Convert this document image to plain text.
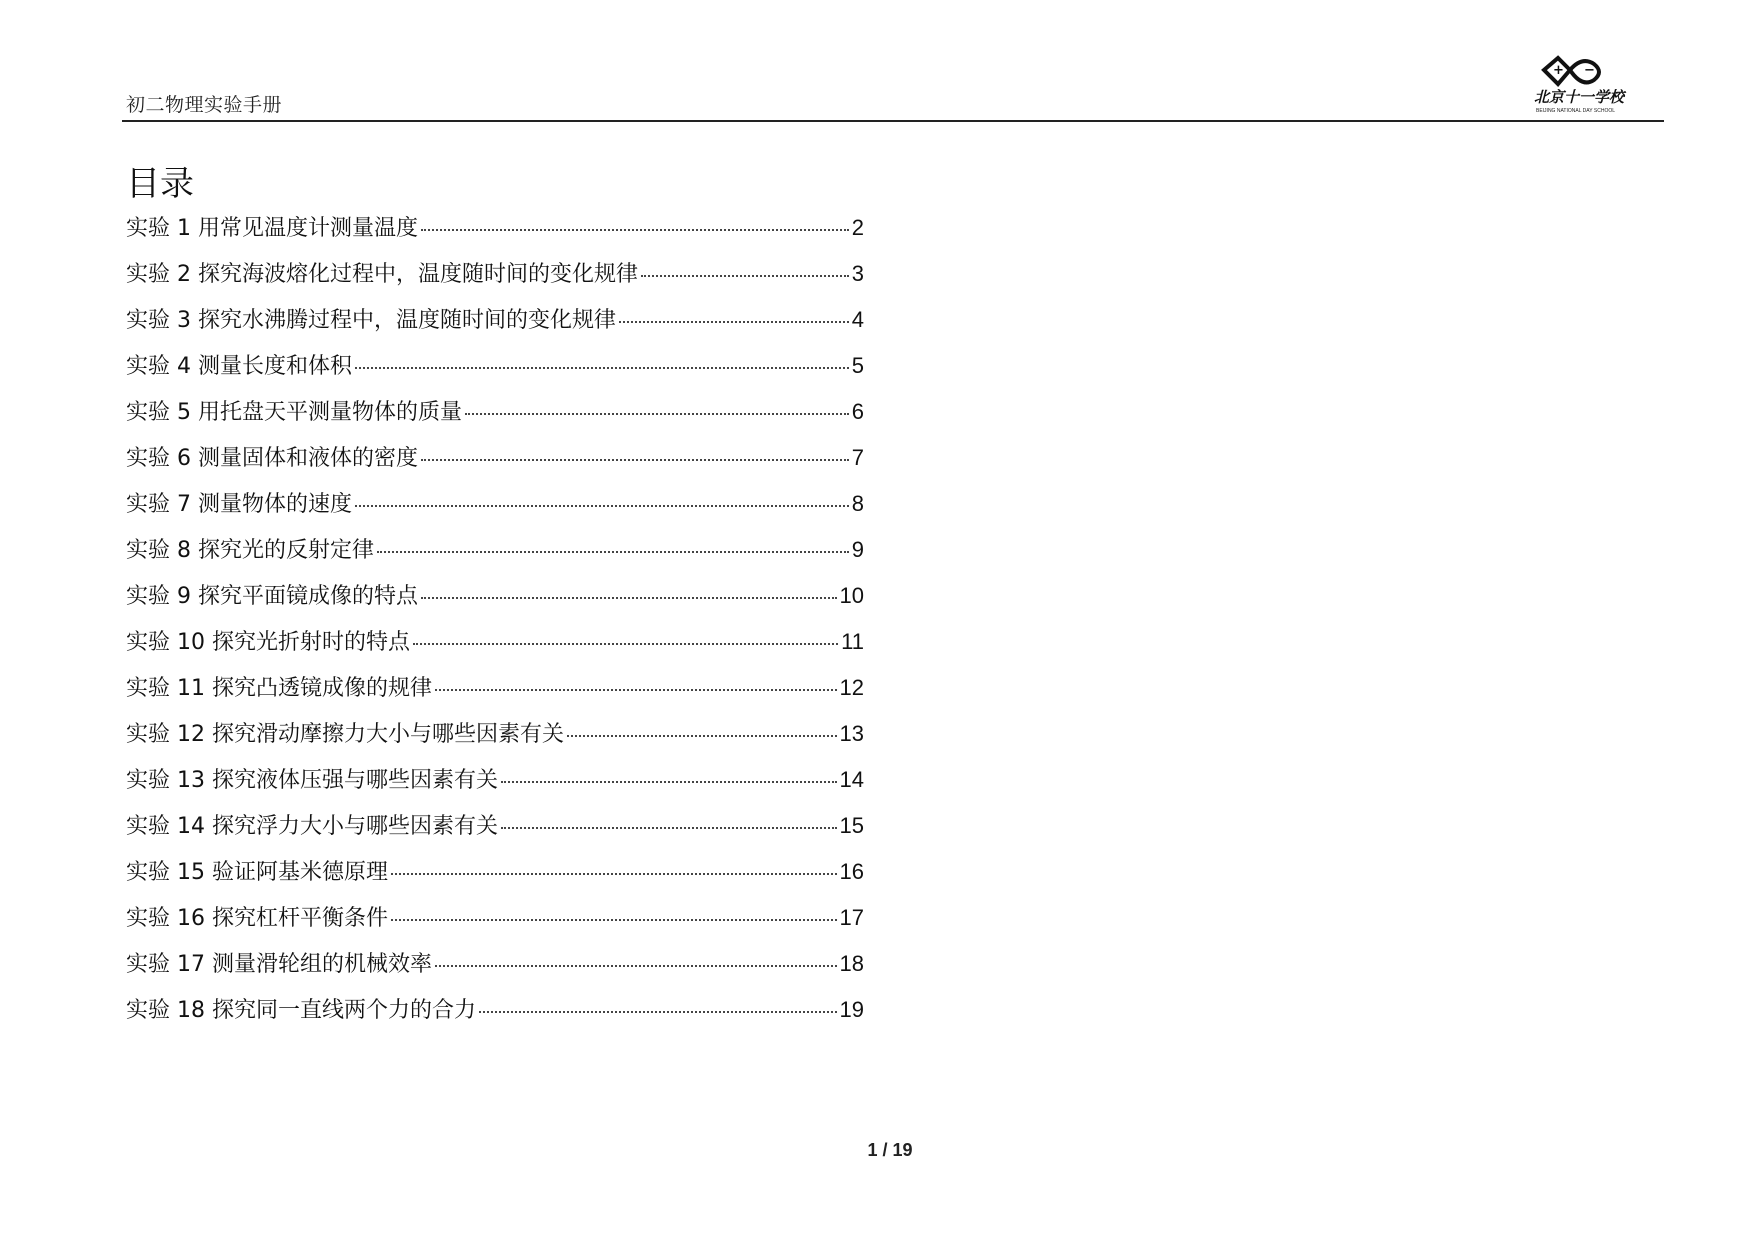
初二物理实验手册
+ −
北京十一学校
BEIJING NATIONAL DAY SCHOOL
目录
实验 1 用常见温度计测量温度	2
实验 2 探究海波熔化过程中，温度随时间的变化规律	3
实验 3 探究水沸腾过程中，温度随时间的变化规律	4
实验 4 测量长度和体积	5
实验 5 用托盘天平测量物体的质量	6
实验 6 测量固体和液体的密度	7
实验 7 测量物体的速度	8
实验 8 探究光的反射定律	9
实验 9 探究平面镜成像的特点	10
实验 10 探究光折射时的特点	11
实验 11 探究凸透镜成像的规律	12
实验 12 探究滑动摩擦力大小与哪些因素有关	13
实验 13 探究液体压强与哪些因素有关	14
实验 14 探究浮力大小与哪些因素有关	15
实验 15 验证阿基米德原理	16
实验 16 探究杠杆平衡条件	17
实验 17 测量滑轮组的机械效率	18
实验 18 探究同一直线两个力的合力	19
1 / 19
